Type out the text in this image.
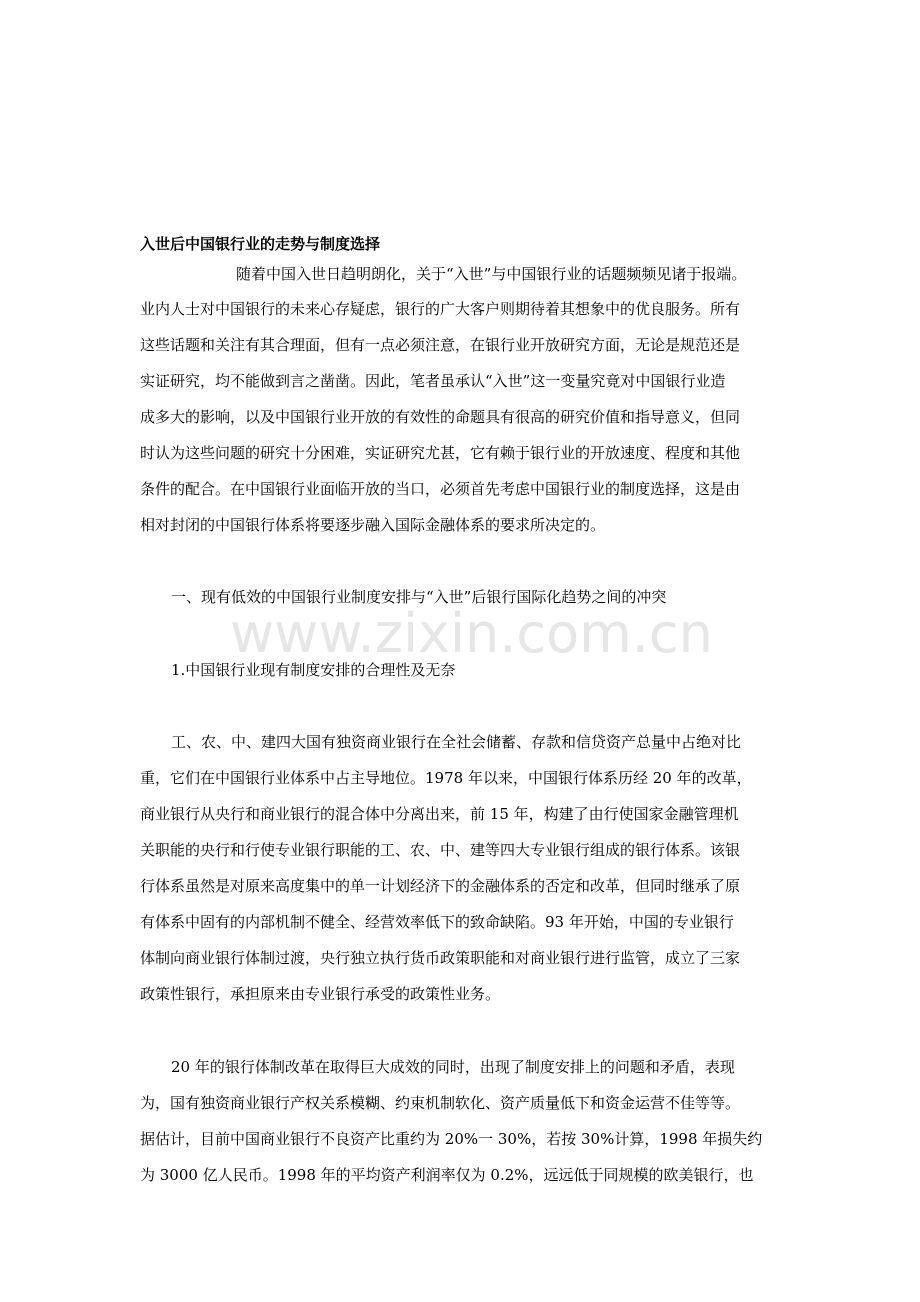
www.zixin.com.cn
入世后中国银行业的走势与制度选择
随着中国入世日趋明朗化，关于“入世”与中国银行业的话题频频见诸于报端。
业内人士对中国银行的未来心存疑虑，银行的广大客户则期待着其想象中的优良服务。所有
这些话题和关注有其合理面，但有一点必须注意，在银行业开放研究方面，无论是规范还是
实证研究，均不能做到言之凿凿。因此，笔者虽承认“入世”这一变量究竟对中国银行业造
成多大的影响，以及中国银行业开放的有效性的命题具有很高的研究价值和指导意义，但同
时认为这些问题的研究十分困难，实证研究尤甚，它有赖于银行业的开放速度、程度和其他
条件的配合。在中国银行业面临开放的当口，必须首先考虑中国银行业的制度选择，这是由
相对封闭的中国银行体系将要逐步融入国际金融体系的要求所决定的。
一、现有低效的中国银行业制度安排与“入世”后银行国际化趋势之间的冲突
1.中国银行业现有制度安排的合理性及无奈
工、农、中、建四大国有独资商业银行在全社会储蓄、存款和信贷资产总量中占绝对比
重，它们在中国银行业体系中占主导地位。1978 年以来，中国银行体系历经 20 年的改革，
商业银行从央行和商业银行的混合体中分离出来，前 15 年，构建了由行使国家金融管理机
关职能的央行和行使专业银行职能的工、农、中、建等四大专业银行组成的银行体系。该银
行体系虽然是对原来高度集中的单一计划经济下的金融体系的否定和改革，但同时继承了原
有体系中固有的内部机制不健全、经营效率低下的致命缺陷。93 年开始，中国的专业银行
体制向商业银行体制过渡，央行独立执行货币政策职能和对商业银行进行监管，成立了三家
政策性银行，承担原来由专业银行承受的政策性业务。
20 年的银行体制改革在取得巨大成效的同时，出现了制度安排上的问题和矛盾，表现
为，国有独资商业银行产权关系模糊、约束机制软化、资产质量低下和资金运营不佳等等。
据估计，目前中国商业银行不良资产比重约为 20%一 30%，若按 30%计算，1998 年损失约
为 3000 亿人民币。1998 年的平均资产利润率仅为 0.2%，远远低于同规模的欧美银行，也
